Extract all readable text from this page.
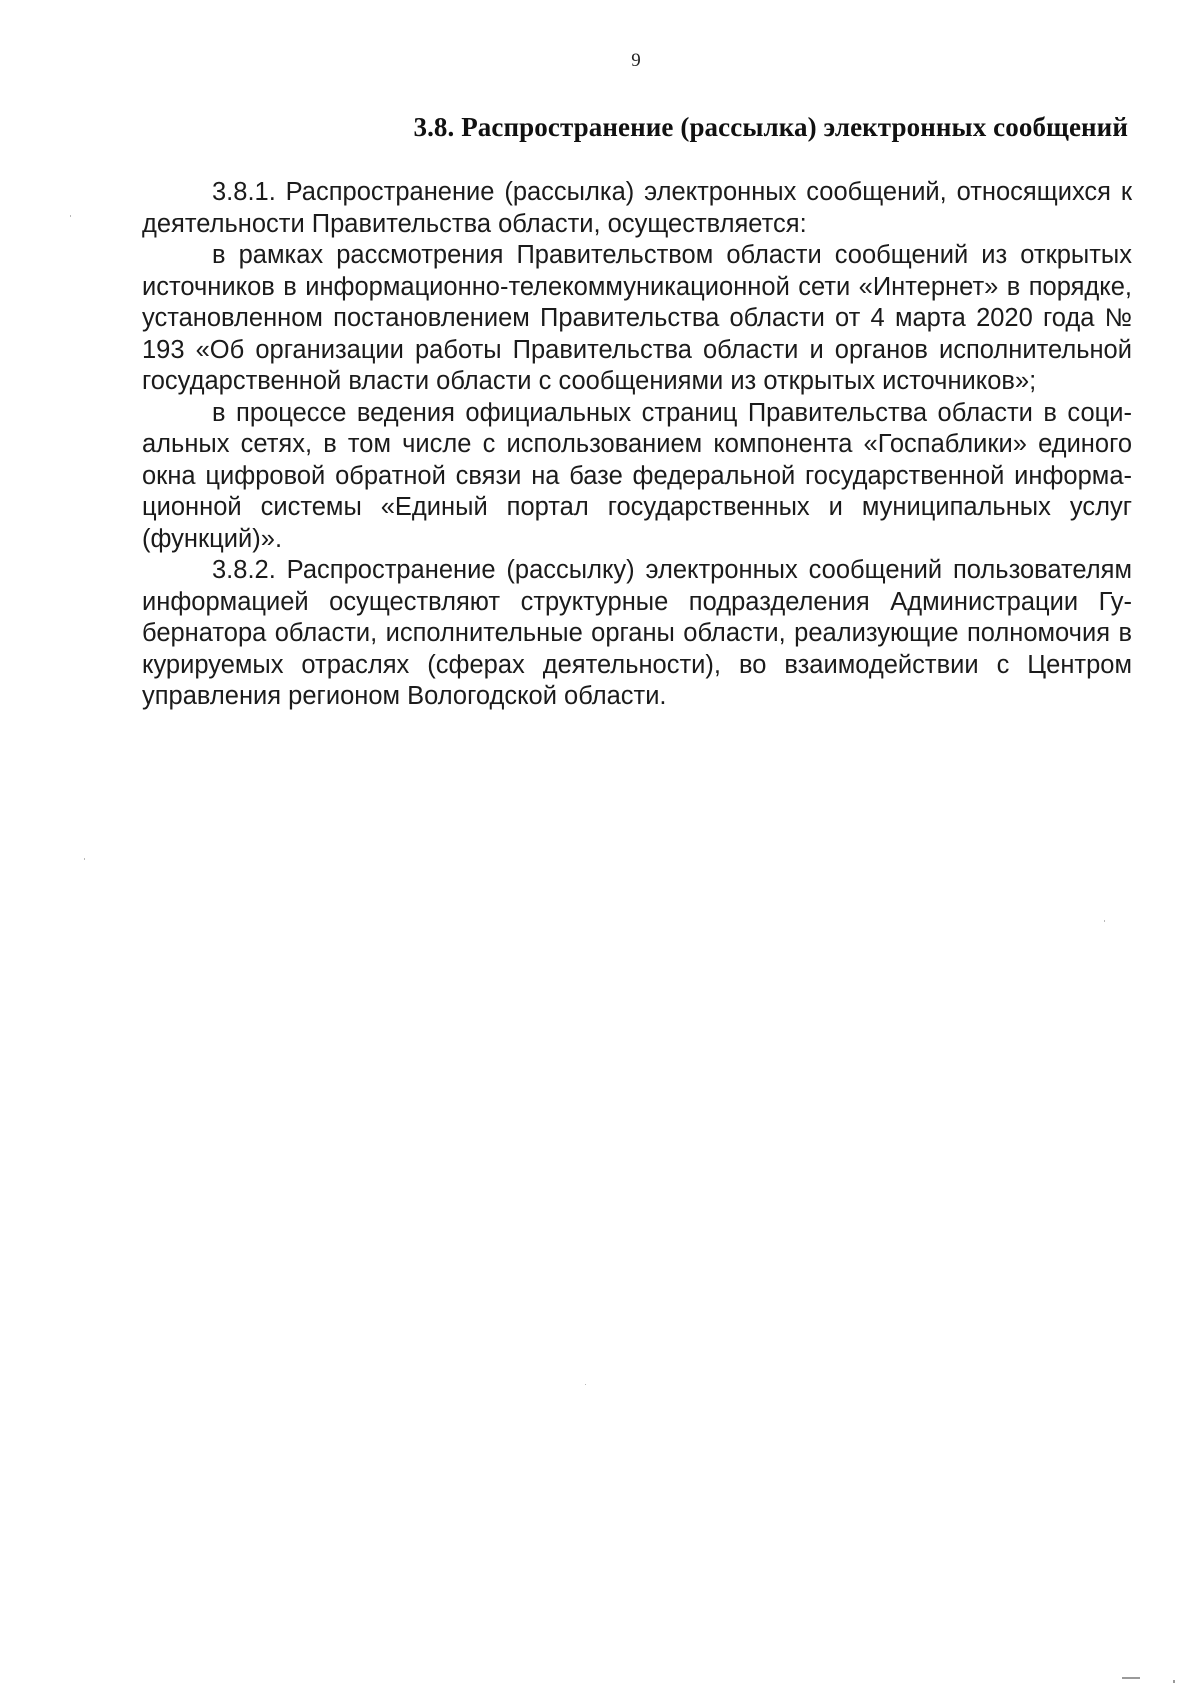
9
3.8. Распространение (рассылка) электронных сообщений

3.8.1. Распространение (рассылка) электронных сообщений, относящихся к деятельности Правительства области, осуществляется:

в рамках рассмотрения Правительством области сообщений из открытых источников в информационно-телекоммуникационной сети «Интернет» в порядке, установленном постановлением Правительства области от 4 марта 2020 года № 193 «Об организации работы Правительства области и органов исполнительной государственной власти области с сообщениями из открытых источников»;

в процессе ведения официальных страниц Правительства области в социальных сетях, в том числе с использованием компонента «Госпаблики» единого окна цифровой обратной связи на базе федеральной государственной информационной системы «Единый портал государственных и муниципальных услуг (функций)».

3.8.2. Распространение (рассылку) электронных сообщений пользователям информацией осуществляют структурные подразделения Администрации Губернатора области, исполнительные органы области, реализующие полномочия в курируемых отраслях (сферах деятельности), во взаимодействии с Центром управления регионом Вологодской области.
